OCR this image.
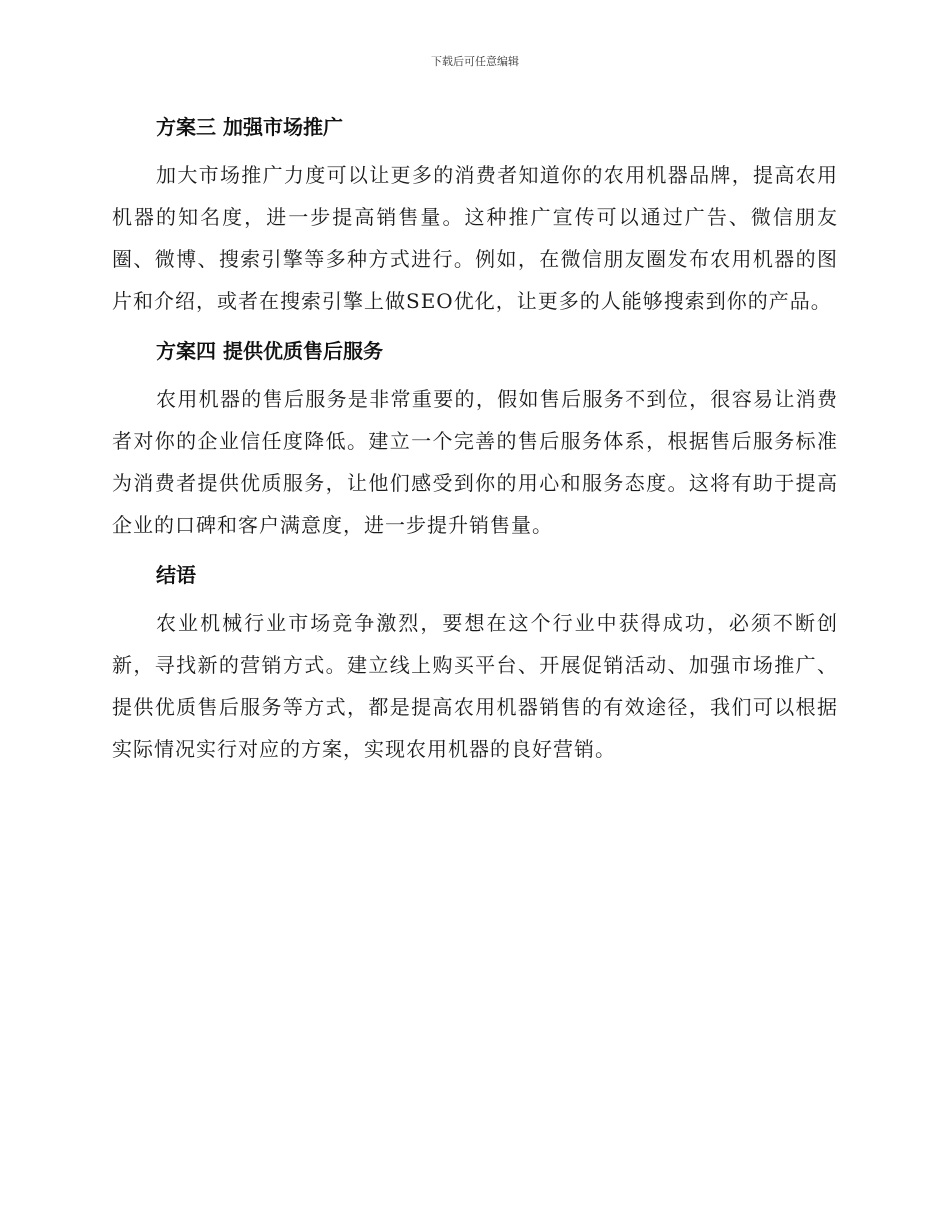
下载后可任意编辑
方案三 加强市场推广

加大市场推广力度可以让更多的消费者知道你的农用机器品牌，提高农用机器的知名度，进一步提高销售量。这种推广宣传可以通过广告、微信朋友圈、微博、搜索引擎等多种方式进行。例如，在微信朋友圈发布农用机器的图片和介绍，或者在搜索引擎上做SEO优化，让更多的人能够搜索到你的产品。

方案四 提供优质售后服务

农用机器的售后服务是非常重要的，假如售后服务不到位，很容易让消费者对你的企业信任度降低。建立一个完善的售后服务体系，根据售后服务标准为消费者提供优质服务，让他们感受到你的用心和服务态度。这将有助于提高企业的口碑和客户满意度，进一步提升销售量。

结语

农业机械行业市场竞争激烈，要想在这个行业中获得成功，必须不断创新，寻找新的营销方式。建立线上购买平台、开展促销活动、加强市场推广、提供优质售后服务等方式，都是提高农用机器销售的有效途径，我们可以根据实际情况实行对应的方案，实现农用机器的良好营销。
